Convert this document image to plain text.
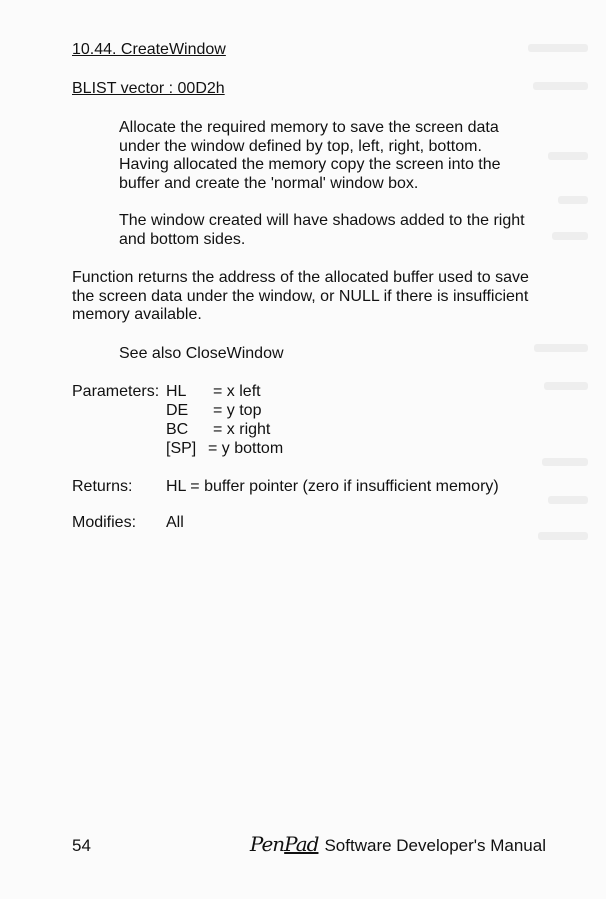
10.44. CreateWindow
BLIST vector : 00D2h
Allocate the required memory to save the screen data
under the window defined by top, left, right, bottom.
Having allocated the memory copy the screen into the
buffer and create the 'normal' window box.
The window created will have shadows added to the right
and bottom sides.
Function returns the address of the allocated buffer used to save
the screen data under the window, or NULL if there is insufficient
memory available.
See also CloseWindow
Parameters: HL = x left
DE = y top
BC = x right
[SP] = y bottom
Returns: HL = buffer pointer (zero if insufficient memory)
Modifies: All
54	PenPad Software Developer's Manual
